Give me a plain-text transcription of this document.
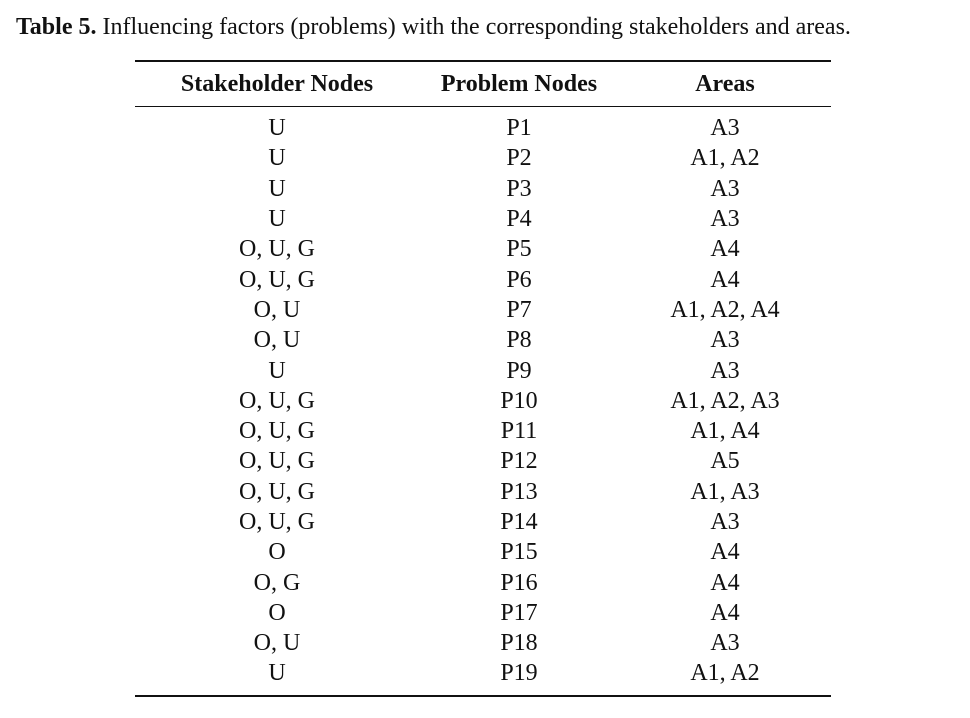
Table 5. Influencing factors (problems) with the corresponding stakeholders and areas.
Stakeholder Nodes	Problem Nodes	Areas
U	P1	A3
U	P2	A1, A2
U	P3	A3
U	P4	A3
O, U, G	P5	A4
O, U, G	P6	A4
O, U	P7	A1, A2, A4
O, U	P8	A3
U	P9	A3
O, U, G	P10	A1, A2, A3
O, U, G	P11	A1, A4
O, U, G	P12	A5
O, U, G	P13	A1, A3
O, U, G	P14	A3
O	P15	A4
O, G	P16	A4
O	P17	A4
O, U	P18	A3
U	P19	A1, A2
